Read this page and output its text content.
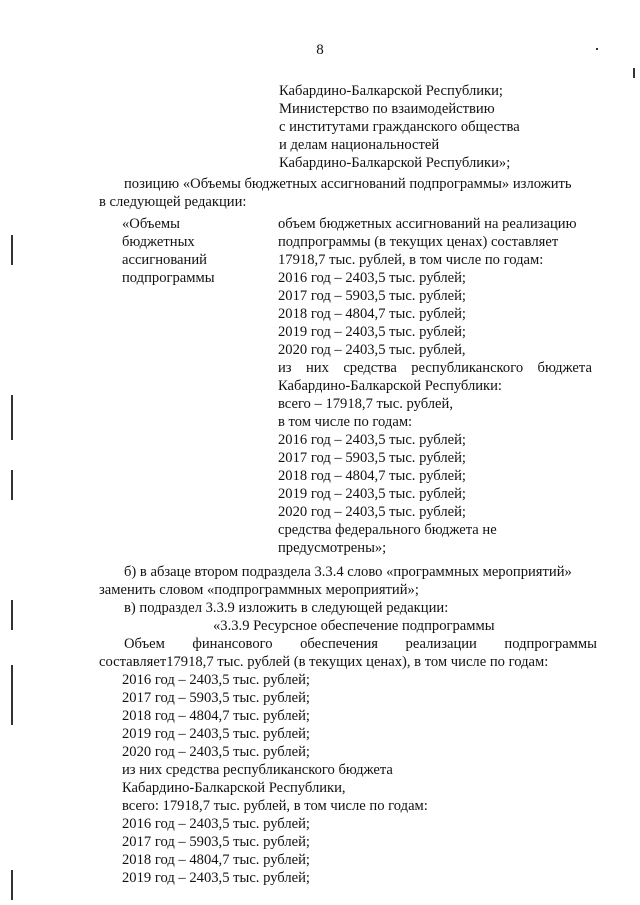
8
Кабардино-Балкарской Республики;
Министерство по взаимодействию
с институтами гражданского общества
и делам национальностей
Кабардино-Балкарской Республики»;
позицию «Объемы бюджетных ассигнований подпрограммы» изложить
в следующей редакции:
«Объемы
бюджетных
ассигнований
подпрограммы
объем бюджетных ассигнований на реализацию
подпрограммы (в текущих ценах) составляет
17918,7 тыс. рублей, в том числе по годам:
2016 год – 2403,5 тыс. рублей;
2017 год – 5903,5 тыс. рублей;
2018 год – 4804,7 тыс. рублей;
2019 год – 2403,5 тыс. рублей;
2020 год – 2403,5 тыс. рублей,
из них средства республиканского бюджета
Кабардино-Балкарской Республики:
всего – 17918,7 тыс. рублей,
в том числе по годам:
2016 год – 2403,5 тыс. рублей;
2017 год – 5903,5 тыс. рублей;
2018 год – 4804,7 тыс. рублей;
2019 год – 2403,5 тыс. рублей;
2020 год – 2403,5 тыс. рублей;
средства федерального бюджета не
предусмотрены»;
б) в абзаце втором подраздела 3.3.4 слово «программных мероприятий»
заменить словом «подпрограммных мероприятий»;
в) подраздел 3.3.9 изложить в следующей редакции:
«3.3.9 Ресурсное обеспечение подпрограммы
Объем финансового обеспечения реализации подпрограммы
составляет17918,7 тыс. рублей (в текущих ценах), в том числе по годам:
2016 год – 2403,5 тыс. рублей;
2017 год – 5903,5 тыс. рублей;
2018 год – 4804,7 тыс. рублей;
2019 год – 2403,5 тыс. рублей;
2020 год – 2403,5 тыс. рублей;
из них средства республиканского бюджета
Кабардино-Балкарской Республики,
всего: 17918,7 тыс. рублей, в том числе по годам:
2016 год – 2403,5 тыс. рублей;
2017 год – 5903,5 тыс. рублей;
2018 год – 4804,7 тыс. рублей;
2019 год – 2403,5 тыс. рублей;
